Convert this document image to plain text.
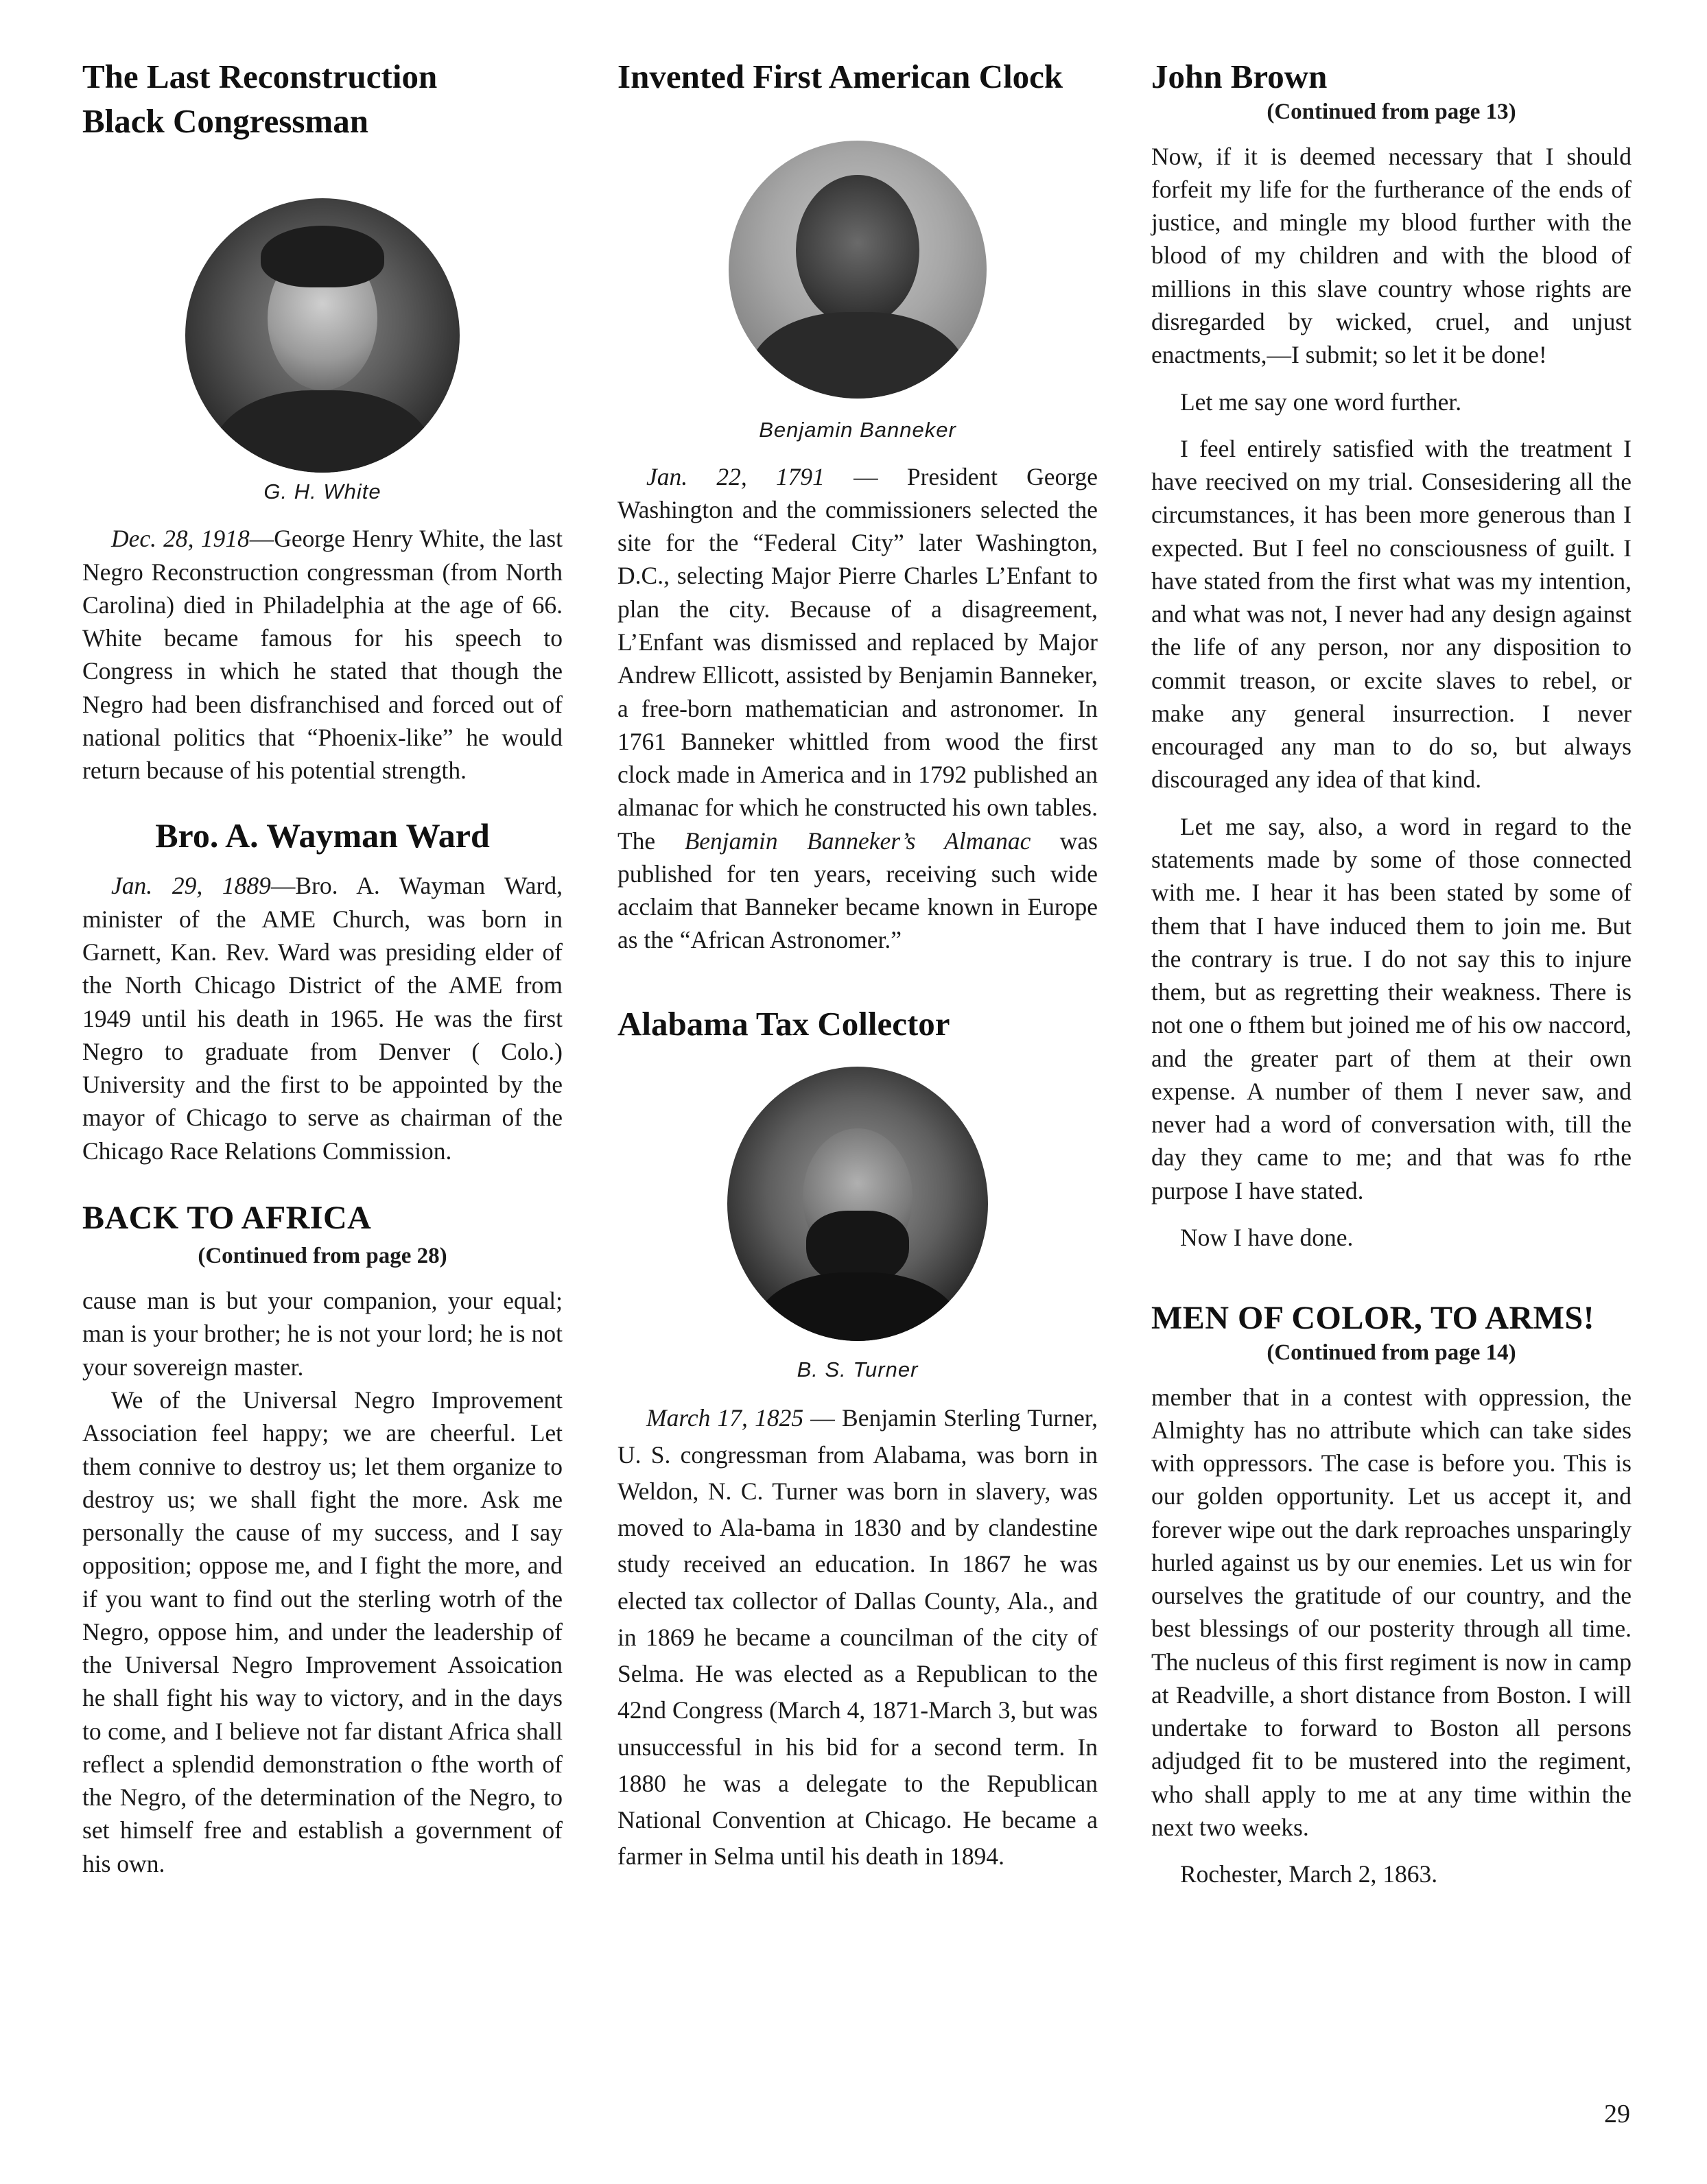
The Last Reconstruction Black Congressman
G. H. White

Dec. 28, 1918—George Henry White, the last Negro Reconstruction congressman (from North Carolina) died in Philadelphia at the age of 66. White became famous for his speech to Congress in which he stated that though the Negro had been disfranchised and forced out of national politics that “Phoenix-like” he would return because of his potential strength.

Bro. A. Wayman Ward

Jan. 29, 1889—Bro. A. Wayman Ward, minister of the AME Church, was born in Garnett, Kan. Rev. Ward was presiding elder of the North Chicago District of the AME from 1949 until his death in 1965. He was the first Negro to graduate from Denver ( Colo.) University and the first to be appointed by the mayor of Chicago to serve as chairman of the Chicago Race Relations Commission.

BACK TO AFRICA
(Continued from page 28)

cause man is but your companion, your equal; man is your brother; he is not your lord; he is not your sovereign master.

We of the Universal Negro Improvement Association feel happy; we are cheerful. Let them connive to destroy us; let them organize to destroy us; we shall fight the more. Ask me personally the cause of my success, and I say opposition; oppose me, and I fight the more, and if you want to find out the sterling wotrh of the Negro, oppose him, and under the leadership of the Universal Negro Improvement Assoication he shall fight his way to victory, and in the days to come, and I believe not far distant Africa shall reflect a splendid demonstration o fthe worth of the Negro, of the determination of the Negro, to set himself free and establish a government of his own.

Invented First American Clock
Benjamin Banneker

Jan. 22, 1791 — President George Washington and the commissioners selected the site for the “Federal City” later Washington, D.C., selecting Major Pierre Charles L’Enfant to plan the city. Because of a disagreement, L’Enfant was dismissed and replaced by Major Andrew Ellicott, assisted by Benjamin Banneker, a free-born mathematician and astronomer. In 1761 Banneker whittled from wood the first clock made in America and in 1792 published an almanac for which he constructed his own tables. The Benjamin Banneker’s Almanac was published for ten years, receiving such wide acclaim that Banneker became known in Europe as the “African Astronomer.”

Alabama Tax Collector
B. S. Turner

March 17, 1825 — Benjamin Sterling Turner, U. S. congressman from Alabama, was born in Weldon, N. C. Turner was born in slavery, was moved to Ala-bama in 1830 and by clandestine study received an education. In 1867 he was elected tax collector of Dallas County, Ala., and in 1869 he became a councilman of the city of Selma. He was elected as a Republican to the 42nd Congress (March 4, 1871-March 3, but was unsuccessful in his bid for a second term. In 1880 he was a delegate to the Republican National Convention at Chicago. He became a farmer in Selma until his death in 1894.

John Brown
(Continued from page 13)

Now, if it is deemed necessary that I should forfeit my life for the furtherance of the ends of justice, and mingle my blood further with the blood of my children and with the blood of millions in this slave country whose rights are disregarded by wicked, cruel, and unjust enactments,—I submit; so let it be done!

Let me say one word further.

I feel entirely satisfied with the treatment I have reecived on my trial. Consesidering all the circumstances, it has been more generous than I expected. But I feel no consciousness of guilt. I have stated from the first what was my intention, and what was not, I never had any design against the life of any person, nor any disposition to commit treason, or excite slaves to rebel, or make any general insurrection. I never encouraged any man to do so, but always discouraged any idea of that kind.

Let me say, also, a word in regard to the statements made by some of those connected with me. I hear it has been stated by some of them that I have induced them to join me. But the contrary is true. I do not say this to injure them, but as regretting their weakness. There is not one o fthem but joined me of his ow naccord, and the greater part of them at their own expense. A number of them I never saw, and never had a word of conversation with, till the day they came to me; and that was fo rthe purpose I have stated.

Now I have done.

MEN OF COLOR, TO ARMS!
(Continued from page 14)

member that in a contest with oppression, the Almighty has no attribute which can take sides with oppressors. The case is before you. This is our golden opportunity. Let us accept it, and forever wipe out the dark reproaches unsparingly hurled against us by our enemies. Let us win for ourselves the gratitude of our country, and the best blessings of our posterity through all time. The nucleus of this first regiment is now in camp at Readville, a short distance from Boston. I will undertake to forward to Boston all persons adjudged fit to be mustered into the regiment, who shall apply to me at any time within the next two weeks.

Rochester, March 2, 1863.

29
